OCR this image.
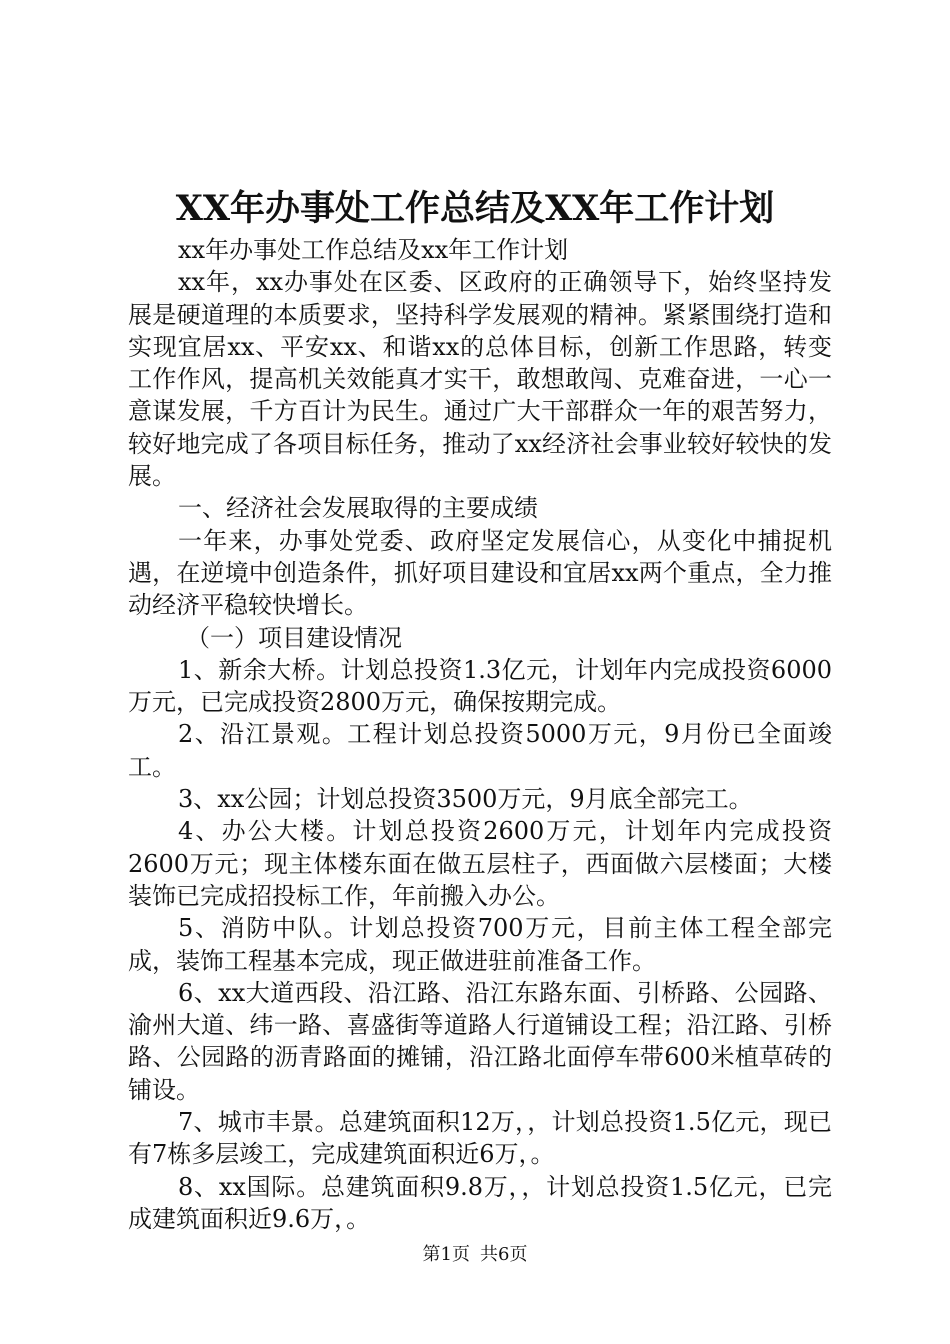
XX年办事处工作总结及XX年工作计划

xx年办事处工作总结及xx年工作计划

xx年，xx办事处在区委、区政府的正确领导下，始终坚持发展是硬道理的本质要求，坚持科学发展观的精神。紧紧围绕打造和实现宜居xx、平安xx、和谐xx的总体目标，创新工作思路，转变工作作风，提高机关效能真才实干，敢想敢闯、克难奋进，一心一意谋发展，千方百计为民生。通过广大干部群众一年的艰苦努力，较好地完成了各项目标任务，推动了xx经济社会事业较好较快的发展。

一、经济社会发展取得的主要成绩

一年来，办事处党委、政府坚定发展信心，从变化中捕捉机遇，在逆境中创造条件，抓好项目建设和宜居xx两个重点，全力推动经济平稳较快增长。

（一）项目建设情况

1、新余大桥。计划总投资1.3亿元，计划年内完成投资6000万元，已完成投资2800万元，确保按期完成。

2、沿江景观。工程计划总投资5000万元，9月份已全面竣工。

3、xx公园；计划总投资3500万元，9月底全部完工。

4、办公大楼。计划总投资2600万元，计划年内完成投资2600万元；现主体楼东面在做五层柱子，西面做六层楼面；大楼装饰已完成招投标工作，年前搬入办公。

5、消防中队。计划总投资700万元，目前主体工程全部完成，装饰工程基本完成，现正做进驻前准备工作。

6、xx大道西段、沿江路、沿江东路东面、引桥路、公园路、渝州大道、纬一路、喜盛街等道路人行道铺设工程；沿江路、引桥路、公园路的沥青路面的摊铺，沿江路北面停车带600米植草砖的铺设。

7、城市丰景。总建筑面积12万，，计划总投资1.5亿元，现已有7栋多层竣工，完成建筑面积近6万，。

8、xx国际。总建筑面积9.8万，，计划总投资1.5亿元，已完成建筑面积近9.6万，。

第1页 共6页
